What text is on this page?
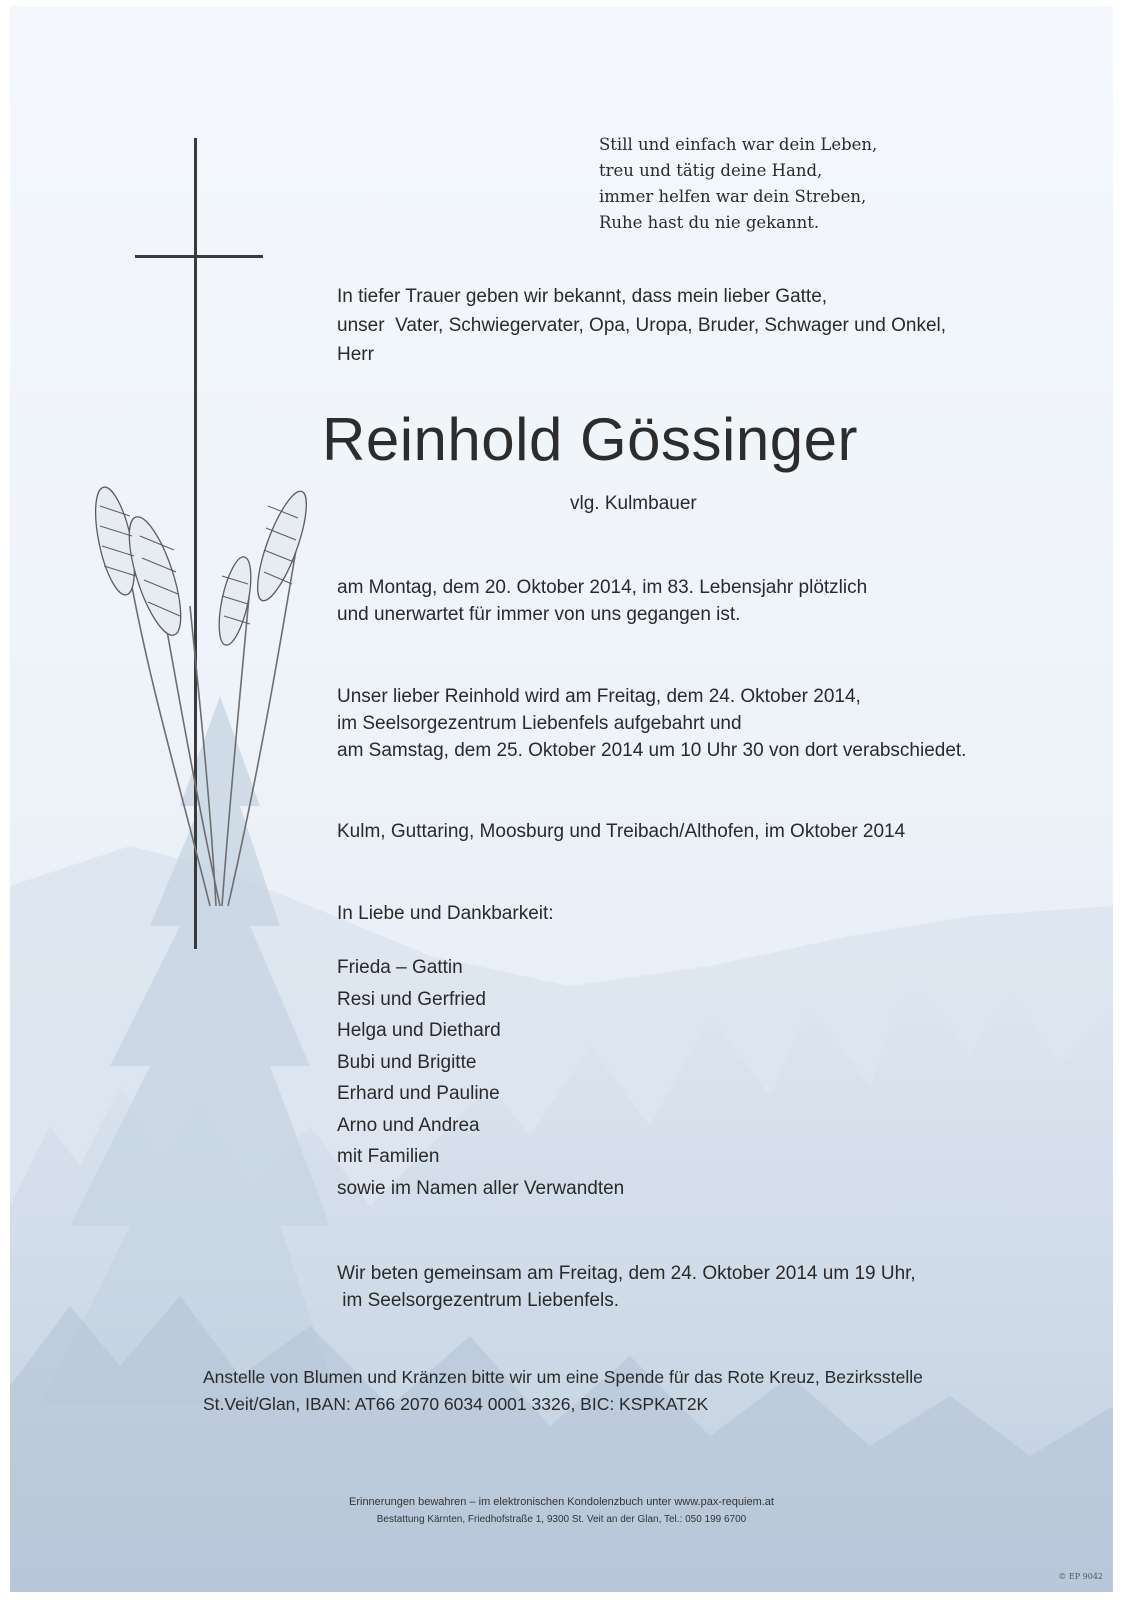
Still und einfach war dein Leben,
treu und tätig deine Hand,
immer helfen war dein Streben,
Ruhe hast du nie gekannt.
In tiefer Trauer geben wir bekannt, dass mein lieber Gatte,
unser  Vater, Schwiegervater, Opa, Uropa, Bruder, Schwager und Onkel,
Herr
Reinhold Gössinger
vlg. Kulmbauer
am Montag, dem 20. Oktober 2014, im 83. Lebensjahr plötzlich
und unerwartet für immer von uns gegangen ist.
Unser lieber Reinhold wird am Freitag, dem 24. Oktober 2014,
im Seelsorgezentrum Liebenfels aufgebahrt und
am Samstag, dem 25. Oktober 2014 um 10 Uhr 30 von dort verabschiedet.
Kulm, Guttaring, Moosburg und Treibach/Althofen, im Oktober 2014
In Liebe und Dankbarkeit:
Frieda – Gattin
Resi und Gerfried
Helga und Diethard
Bubi und Brigitte
Erhard und Pauline
Arno und Andrea
mit Familien
sowie im Namen aller Verwandten
Wir beten gemeinsam am Freitag, dem 24. Oktober 2014 um 19 Uhr,
im Seelsorgezentrum Liebenfels.
Anstelle von Blumen und Kränzen bitte wir um eine Spende für das Rote Kreuz, Bezirksstelle
St.Veit/Glan, IBAN: AT66 2070 6034 0001 3326, BIC: KSPKAT2K
Erinnerungen bewahren – im elektronischen Kondolenzbuch unter www.pax-requiem.at
Bestattung Kärnten, Friedhofstraße 1, 9300 St. Veit an der Glan, Tel.: 050 199 6700
© EP 9042
